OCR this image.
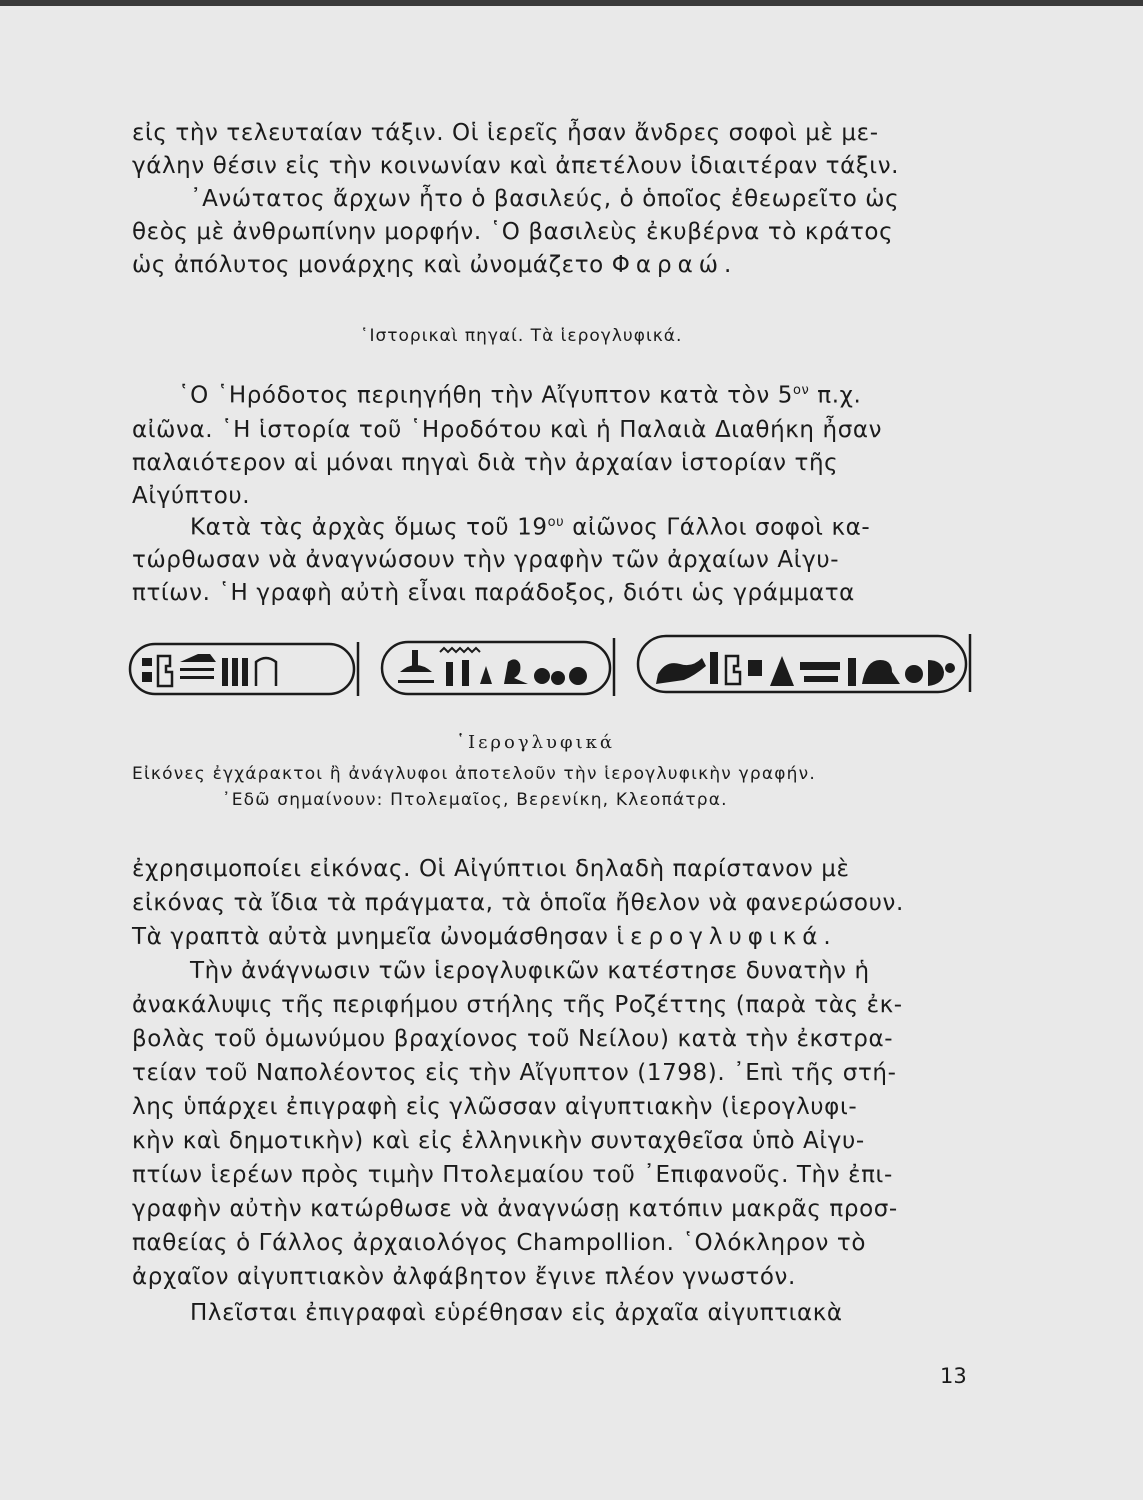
εἰς τὴν τελευταίαν τάξιν. Οἱ ἱερεῖς ἦσαν ἄνδρες σοφοὶ μὲ με-
γάλην θέσιν εἰς τὴν κοινωνίαν καὶ ἀπετέλουν ἰδιαιτέραν τάξιν.
᾿Ανώτατος ἄρχων ἦτο ὁ βασιλεύς, ὁ ὁποῖος ἐθεωρεῖτο ὡς
θεὸς μὲ ἀνθρωπίνην μορφήν. ῾Ο βασιλεὺς ἐκυβέρνα τὸ κράτος
ὡς ἀπόλυτος μονάρχης καὶ ὠνομάζετο Φαραώ.
῾Ιστορικαὶ πηγαί. Τὰ ἱερογλυφικά.
῾Ο ῾Ηρόδοτος περιηγήθη τὴν Αἴγυπτον κατὰ τὸν $5^{o\nu}$ π.χ.
αἰῶνα. ῾Η ἱστορία τοῦ ῾Ηροδότου καὶ ἡ Παλαιὰ Διαθήκη ἦσαν
παλαιότερον αἱ μόναι πηγαὶ διὰ τὴν ἀρχαίαν ἱστορίαν τῆς
Αἰγύπτου.
Κατὰ τὰς ἀρχὰς ὅμως τοῦ $19^{o\upsilon}$ αἰῶνος Γάλλοι σοφοὶ κα-
τώρθωσαν νὰ ἀναγνώσουν τὴν γραφὴν τῶν ἀρχαίων Αἰγυ-
πτίων. ῾Η γραφὴ αὐτὴ εἶναι παράδοξος, διότι ὡς γράμματα
῾Ιερογλυφικά
Εἰκόνες ἐγχάρακτοι ἢ ἀνάγλυφοι ἀποτελοῦν τὴν ἱερογλυφικὴν γραφήν.
᾿Εδῶ σημαίνουν: Πτολεμαῖος, Βερενίκη, Κλεοπάτρα.
ἐχρησιμοποίει εἰκόνας. Οἱ Αἰγύπτιοι δηλαδὴ παρίστανον μὲ
εἰκόνας τὰ ἴδια τὰ πράγματα, τὰ ὁποῖα ἤθελον νὰ φανερώσουν.
Τὰ γραπτὰ αὐτὰ μνημεῖα ὠνομάσθησαν ἱερογλυφικά.
Τὴν ἀνάγνωσιν τῶν ἱερογλυφικῶν κατέστησε δυνατὴν ἡ
ἀνακάλυψις τῆς περιφήμου στήλης τῆς Ροζέττης (παρὰ τὰς ἐκ-
βολὰς τοῦ ὁμωνύμου βραχίονος τοῦ Νείλου) κατὰ τὴν ἐκστρα-
τείαν τοῦ Ναπολέοντος εἰς τὴν Αἴγυπτον (1798). ᾿Επὶ τῆς στή-
λης ὑπάρχει ἐπιγραφὴ εἰς γλῶσσαν αἰγυπτιακὴν (ἱερογλυφι-
κὴν καὶ δημοτικὴν) καὶ εἰς ἑλληνικὴν συνταχθεῖσα ὑπὸ Αἰγυ-
πτίων ἱερέων πρὸς τιμὴν Πτολεμαίου τοῦ ᾿Επιφανοῦς. Τὴν ἐπι-
γραφὴν αὐτὴν κατώρθωσε νὰ ἀναγνώσῃ κατόπιν μακρᾶς προσ-
παθείας ὁ Γάλλος ἀρχαιολόγος Champollion. ῾Ολόκληρον τὸ
ἀρχαῖον αἰγυπτιακὸν ἀλφάβητον ἔγινε πλέον γνωστόν.
Πλεῖσται ἐπιγραφαὶ εὑρέθησαν εἰς ἀρχαῖα αἰγυπτιακὰ
13
